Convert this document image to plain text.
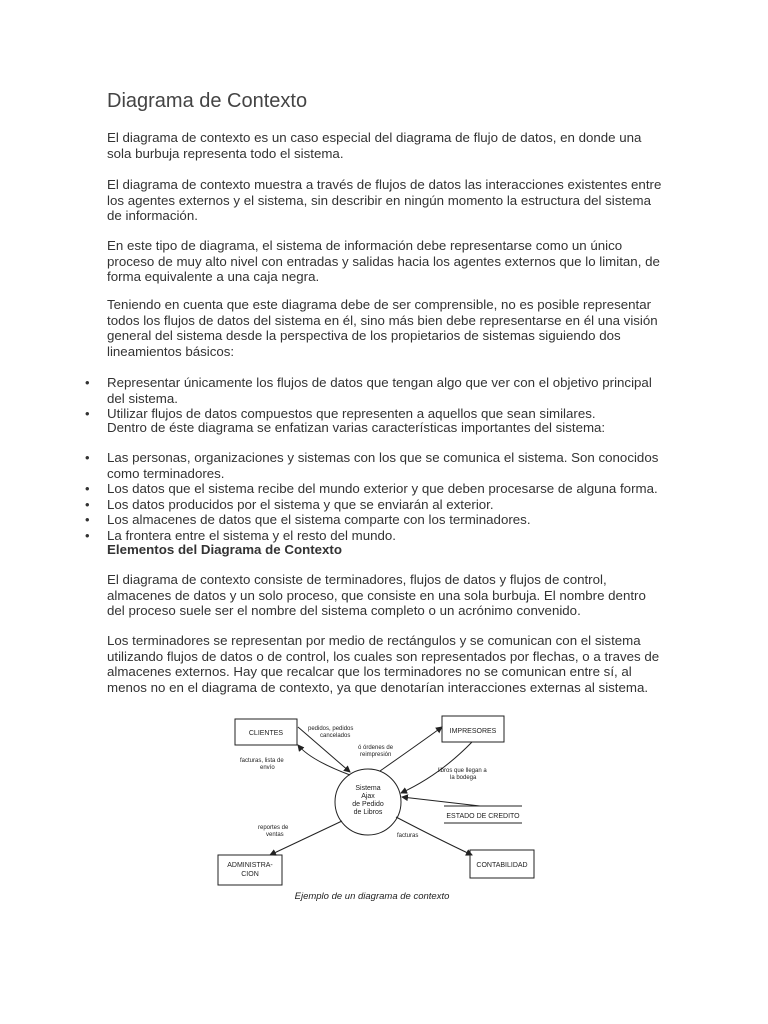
Diagrama de Contexto

El diagrama de contexto es un caso especial del diagrama de flujo de datos, en donde una
sola burbuja representa todo el sistema.

El diagrama de contexto muestra a través de flujos de datos las interacciones existentes entre
los agentes externos y el sistema, sin describir en ningún momento la estructura del sistema
de información.

En este tipo de diagrama, el sistema de información debe representarse como un único
proceso de muy alto nivel con entradas y salidas hacia los agentes externos que lo limitan, de
forma equivalente a una caja negra.

Teniendo en cuenta que este diagrama debe de ser comprensible, no es posible representar
todos los flujos de datos del sistema en él, sino más bien debe representarse en él una visión
general del sistema desde la perspectiva de los propietarios de sistemas siguiendo dos
lineamientos básicos:

• Representar únicamente los flujos de datos que tengan algo que ver con el objetivo principal
del sistema.
• Utilizar flujos de datos compuestos que representen a aquellos que sean similares.
Dentro de éste diagrama se enfatizan varias características importantes del sistema:
• Las personas, organizaciones y sistemas con los que se comunica el sistema. Son conocidos
como terminadores.
• Los datos que el sistema recibe del mundo exterior y que deben procesarse de alguna forma.
• Los datos producidos por el sistema y que se enviarán al exterior.
• Los almacenes de datos que el sistema comparte con los terminadores.
• La frontera entre el sistema y el resto del mundo.
Elementos del Diagrama de Contexto

El diagrama de contexto consiste de terminadores, flujos de datos y flujos de control,
almacenes de datos y un solo proceso, que consiste en una sola burbuja. El nombre dentro
del proceso suele ser el nombre del sistema completo o un acrónimo convenido.

Los terminadores se representan por medio de rectángulos y se comunican con el sistema
utilizando flujos de datos o de control, los cuales son representados por flechas, o a traves de
almacenes externos. Hay que recalcar que los terminadores no se comunican entre sí, al
menos no en el diagrama de contexto, ya que denotarían interacciones externas al sistema.

Sistema
Ajax
de Pedido
de Libros
CLIENTES	IMPRESORES
ESTADO DE CREDITO
CONTABILIDAD
ADMINISTRA-
CION
pedidos, pedidos
cancelados
ó órdenes de
reimpresión
facturas, lista de
envío	libros que llegan a
la bodega
reportes de
ventas	facturas
Ejemplo de un diagrama de contexto
